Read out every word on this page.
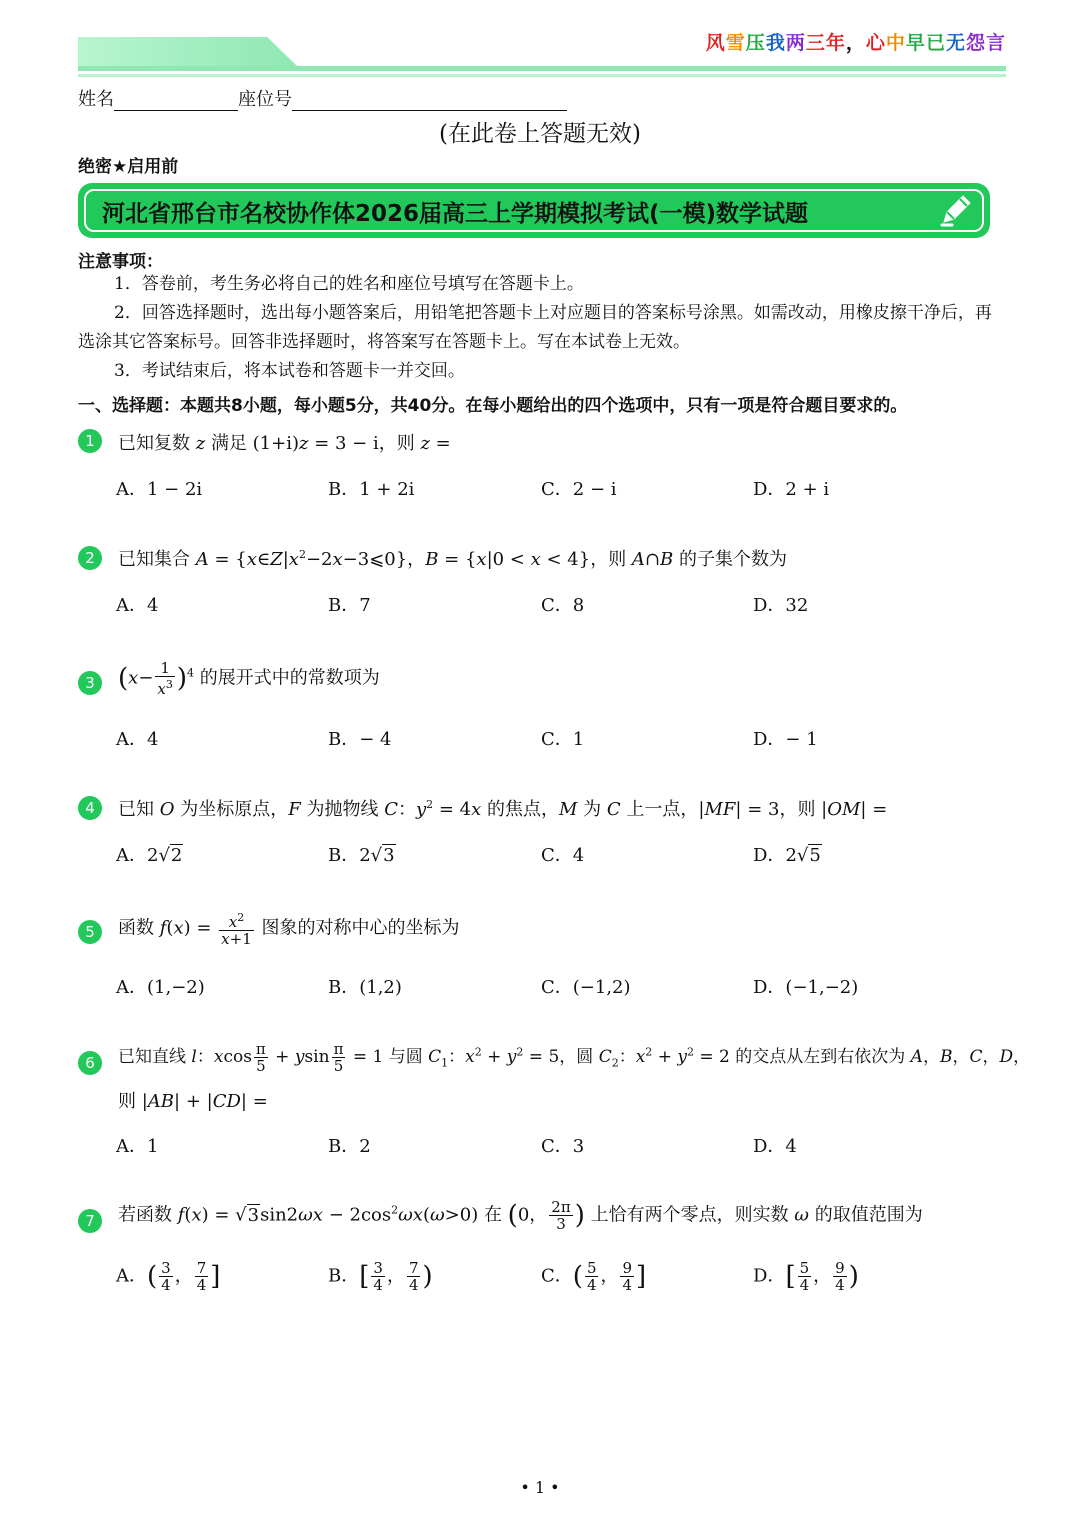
风雪压我两三年，心中早已无怨言
姓名	座位号
(在此卷上答题无效)
绝密★启用前
河北省邢台市名校协作体2026届高三上学期模拟考试(一模)数学试题
注意事项：
1．答卷前，考生务必将自己的姓名和座位号填写在答题卡上。
2．回答选择题时，选出每小题答案后，用铅笔把答题卡上对应题目的答案标号涂黑。如需改动，用橡皮擦干净后，再选涂其它答案标号。回答非选择题时，将答案写在答题卡上。写在本试卷上无效。
3．考试结束后，将本试卷和答题卡一并交回。
一、选择题：本题共8小题，每小题5分，共40分。在每小题给出的四个选项中，只有一项是符合题目要求的。
1	已知复数 z 满足 (1+i)z = 3 − i，则 z =
A．1 − 2i	B．1 + 2i	C．2 − i	D．2 + i
2	已知集合 $A = \{x\in Z|x^2-2x-3⩽0\}$，B = {x|0 < x < 4}，则 A∩B 的子集个数为
A．4	B．7	C．8	D．32
3 $(x- \frac{1}{x^3} )^4$ 的展开式中的常数项为
A．4	B．− 4	C．1	D．− 1
4	已知 O 为坐标原点，F 为抛物线 C：$y^2 = 4x$ 的焦点，M 为 C 上一点，|MF| = 3，则 |OM| =
A．2√2	B．2√3	C．4	D．2√5
5	函数 $f(x) = \frac{x^2}{x+1}$ 图象的对称中心的坐标为
A．(1,−2)	B．(1,2)	C．(−1,2)	D．(−1,−2)
6	已知直线 l：xcos $\frac{\pi}{5} + ysin \frac{\pi}{5} = 1$ 与圆 $C_1$：$x^2 + y^2 = 5$，圆 $C_2$：$x^2 + y^2 = 2$ 的交点从左到右依次为 A，B，C，D，
则 |AB| + |CD| =
A．1	B．2	C．3	D．4
7	若函数 $f(x) = √3\sin 2\omega x - 2\cos^2\omega x(\omega>0)$ 在 (0， $\frac{2\pi}{3}$ ) 上恰有两个零点，则实数 ω 的取值范围为
A．( $\frac{3}{4}$ ， $\frac{7}{4}$ ]	B．[ $\frac{3}{4}$ ， $\frac{7}{4}$ )	C．( $\frac{5}{4}$ ， $\frac{9}{4}$ ]	D．[ $\frac{5}{4}$ ， $\frac{9}{4}$ )
• 1 •
